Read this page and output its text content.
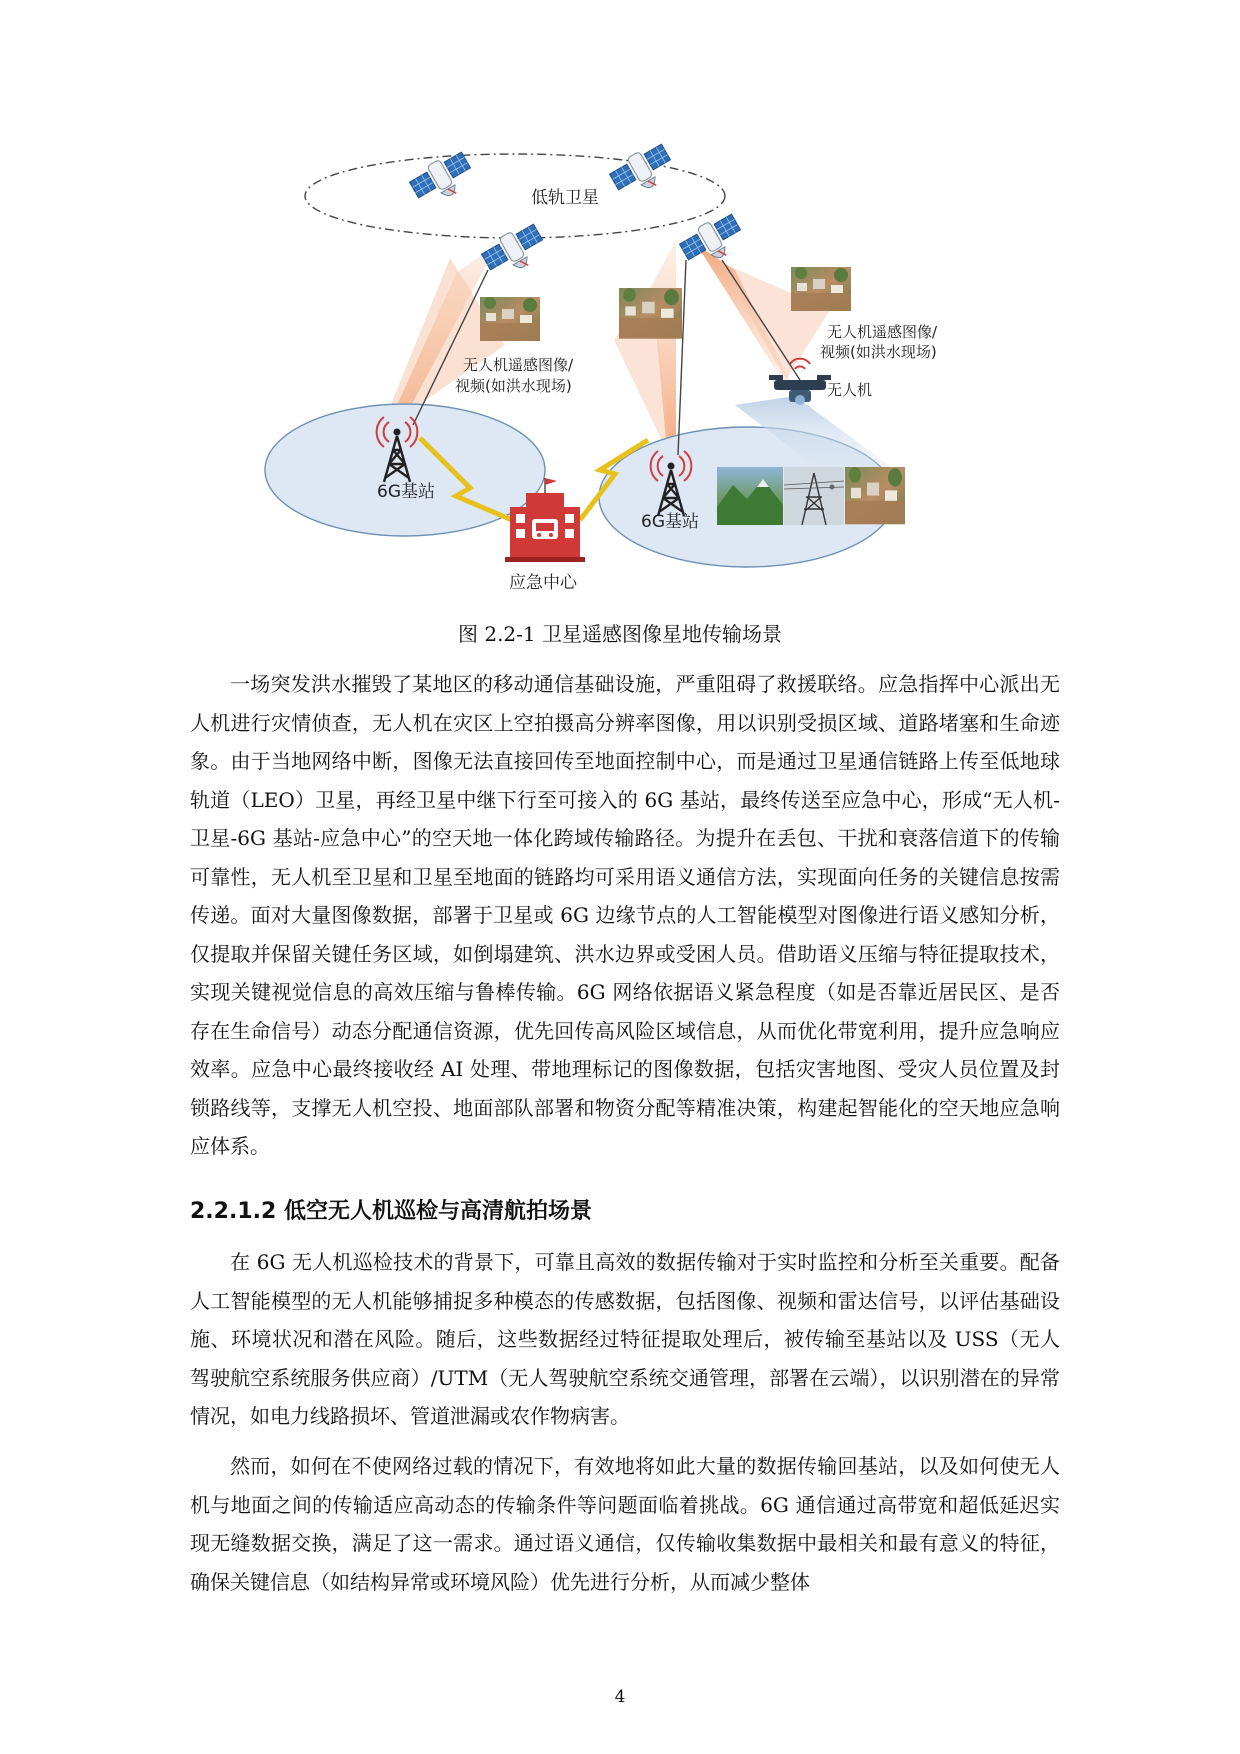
低轨卫星
无人机遥感图像/
视频(如洪水现场)
无人机遥感图像/
视频(如洪水现场)
无人机
6G基站
6G基站
应急中心
图 2.2-1 卫星遥感图像星地传输场景

一场突发洪水摧毁了某地区的移动通信基础设施，严重阻碍了救援联络。应急指挥中心派出无人机进行灾情侦查，无人机在灾区上空拍摄高分辨率图像，用以识别受损区域、道路堵塞和生命迹象。由于当地网络中断，图像无法直接回传至地面控制中心，而是通过卫星通信链路上传至低地球轨道（LEO）卫星，再经卫星中继下行至可接入的 6G 基站，最终传送至应急中心，形成“无人机-卫星-6G 基站-应急中心”的空天地一体化跨域传输路径。为提升在丢包、干扰和衰落信道下的传输可靠性，无人机至卫星和卫星至地面的链路均可采用语义通信方法，实现面向任务的关键信息按需传递。面对大量图像数据，部署于卫星或 6G 边缘节点的人工智能模型对图像进行语义感知分析，仅提取并保留关键任务区域，如倒塌建筑、洪水边界或受困人员。借助语义压缩与特征提取技术，实现关键视觉信息的高效压缩与鲁棒传输。6G 网络依据语义紧急程度（如是否靠近居民区、是否存在生命信号）动态分配通信资源，优先回传高风险区域信息，从而优化带宽利用，提升应急响应效率。应急中心最终接收经 AI 处理、带地理标记的图像数据，包括灾害地图、受灾人员位置及封锁路线等，支撑无人机空投、地面部队部署和物资分配等精准决策，构建起智能化的空天地应急响应体系。

2.2.1.2 低空无人机巡检与高清航拍场景

在 6G 无人机巡检技术的背景下，可靠且高效的数据传输对于实时监控和分析至关重要。配备人工智能模型的无人机能够捕捉多种模态的传感数据，包括图像、视频和雷达信号，以评估基础设施、环境状况和潜在风险。随后，这些数据经过特征提取处理后，被传输至基站以及 USS（无人驾驶航空系统服务供应商）/UTM（无人驾驶航空系统交通管理，部署在云端），以识别潜在的异常情况，如电力线路损坏、管道泄漏或农作物病害。

然而，如何在不使网络过载的情况下，有效地将如此大量的数据传输回基站，以及如何使无人机与地面之间的传输适应高动态的传输条件等问题面临着挑战。6G 通信通过高带宽和超低延迟实现无缝数据交换，满足了这一需求。通过语义通信，仅传输收集数据中最相关和最有意义的特征，确保关键信息（如结构异常或环境风险）优先进行分析，从而减少整体

4
